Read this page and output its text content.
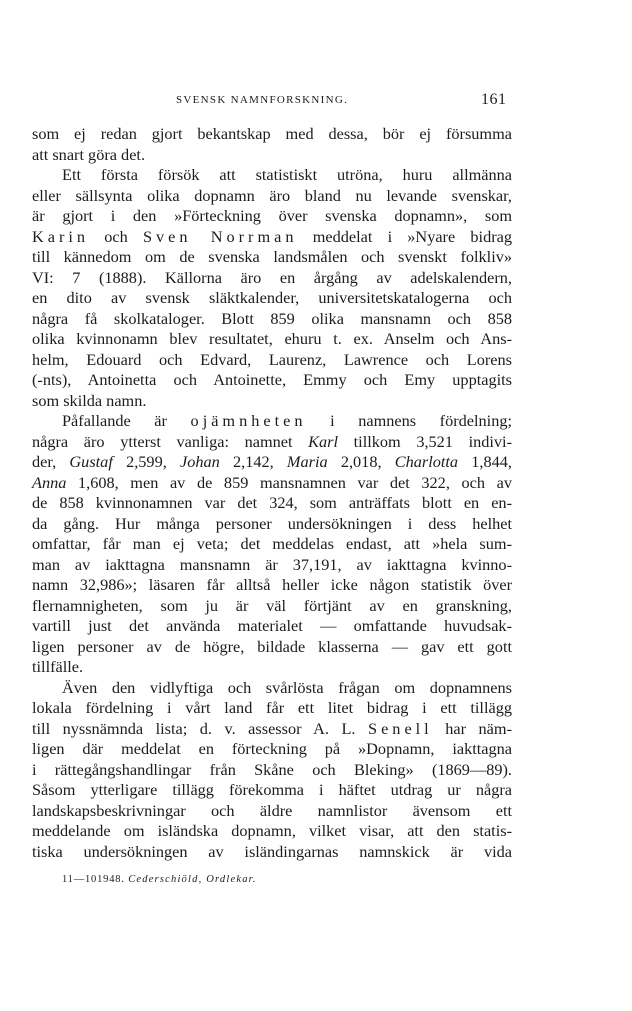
SVENSK NAMNFORSKNING.	161
som ej redan gjort bekantskap med dessa, bör ej försumma
att snart göra det.
Ett första försök att statistiskt utröna, huru allmänna
eller sällsynta olika dopnamn äro bland nu levande svenskar,
är gjort i den »Förteckning över svenska dopnamn», som
Karin och Sven Norrman meddelat i »Nyare bidrag
till kännedom om de svenska landsmålen och svenskt folkliv»
VI: 7 (1888). Källorna äro en årgång av adelskalendern,
en dito av svensk släktkalender, universitetskatalogerna och
några få skolkataloger. Blott 859 olika mansnamn och 858
olika kvinnonamn blev resultatet, ehuru t. ex. Anselm och Ans-
helm, Edouard och Edvard, Laurenz, Lawrence och Lorens
(-nts), Antoinetta och Antoinette, Emmy och Emy upptagits
som skilda namn.
Påfallande är ojämnheten i namnens fördelning;
några äro ytterst vanliga: namnet Karl tillkom 3,521 indivi-
der, Gustaf 2,599, Johan 2,142, Maria 2,018, Charlotta 1,844,
Anna 1,608, men av de 859 mansnamnen var det 322, och av
de 858 kvinnonamnen var det 324, som anträffats blott en en-
da gång. Hur många personer undersökningen i dess helhet
omfattar, får man ej veta; det meddelas endast, att »hela sum-
man av iakttagna mansnamn är 37,191, av iakttagna kvinno-
namn 32,986»; läsaren får alltså heller icke någon statistik över
flernamnigheten, som ju är väl förtjänt av en granskning,
vartill just det använda materialet — omfattande huvudsak-
ligen personer av de högre, bildade klasserna — gav ett gott
tillfälle.
Även den vidlyftiga och svårlösta frågan om dopnamnens
lokala fördelning i vårt land får ett litet bidrag i ett tillägg
till nyssnämnda lista; d. v. assessor A. L. Senell har näm-
ligen där meddelat en förteckning på »Dopnamn, iakttagna
i rättegångshandlingar från Skåne och Bleking» (1869—89).
Såsom ytterligare tillägg förekomma i häftet utdrag ur några
landskapsbeskrivningar och äldre namnlistor ävensom ett
meddelande om isländska dopnamn, vilket visar, att den statis-
tiska undersökningen av isländingarnas namnskick är vida
11—101948. Cederschiöld, Ordlekar.
